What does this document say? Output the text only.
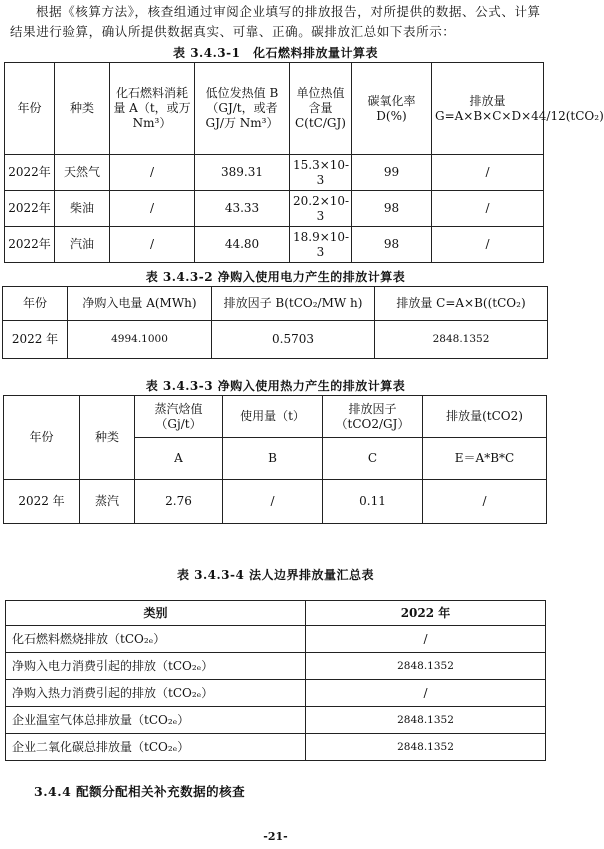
根据《核算方法》，核查组通过审阅企业填写的排放报告，对所提供的数据、公式、计算结果进行验算，确认所提供数据真实、可靠、正确。碳排放汇总如下表所示：
表 3.4.3-1　化石燃料排放量计算表
年份	种类	化石燃料消耗量 A（t，或万 Nm³）	低位发热值 B（GJ/t，或者 GJ/万 Nm³）	单位热值含量 C(tC/GJ)	碳氧化率 D(%)	排放量 G=A×B×C×D×44/12(tCO₂)
2022年	天然气	/	389.31	15.3×10-3	99	/
2022年	柴油	/	43.33	20.2×10-3	98	/
2022年	汽油	/	44.80	18.9×10-3	98	/
表 3.4.3-2 净购入使用电力产生的排放计算表
年份	净购入电量 A(MWh)	排放因子 B(tCO₂/MW h)	排放量 C=A×B((tCO₂)
2022 年	4994.1000	0.5703	2848.1352
表 3.4.3-3 净购入使用热力产生的排放计算表
年份	种类	蒸汽焓值（Gj/t）	使用量（t）	排放因子（tCO2/GJ）	排放量(tCO2)
		A	B	C	E＝A*B*C
2022 年	蒸汽	2.76	/	0.11	/
表 3.4.3-4 法人边界排放量汇总表
类别	2022 年
化石燃料燃烧排放（tCO₂ₑ）	/
净购入电力消费引起的排放（tCO₂ₑ）	2848.1352
净购入热力消费引起的排放（tCO₂ₑ）	/
企业温室气体总排放量（tCO₂ₑ）	2848.1352
企业二氧化碳总排放量（tCO₂ₑ）	2848.1352
3.4.4 配额分配相关补充数据的核查
-21-
